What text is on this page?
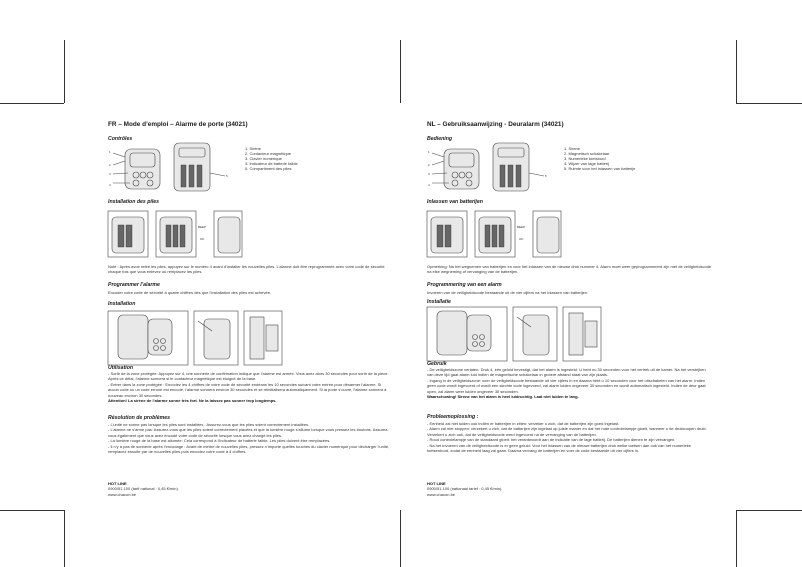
FR – Mode d’emploi – Alarme de porte (34021)
Contrôles
1
2
3
4
5
1. Sirène
2. Contacteur magnétique
3. Clavier numérique
4. Indicateur de batterie faible
5. Compartiment des piles
Installation des piles
BEEP
OK
Note : Après avoir retiré les piles, appuyez sur le numéro 4 avant d’installer les nouvelles piles. L’alarme doit être reprogrammée avec votre code de sécurité chaque fois que vous enlevez ou remplacez les piles.
Programmer l’alarme
Encoder votre code de sécurité à quatre chiffres dès que l’installation des piles est achevée.
Installation
Utilisation
- Sortir de la zone protégée: Appuyez sur 4, une sonnerie de confirmation indique que l’alarme est armée. Vous avez alors 30 secondes pour sortir de la pièce. Après ce délai, l’alarme sonnera si le contacteur magnétique est éloigné de la base.
- Entrer dans la zone protégée : Encodez les 4 chiffres de votre code de sécurité endéans les 10 secondes suivant votre entrée pour désarmer l’alarme. Si aucun code ou un code erroné est encodé, l’alarme sonnera environ 30 secondes et se réinitialisera automatiquement. Si la porte s’ouvre, l’alarme sonnera à nouveau environ 30 secondes.
Attention! La sirène de l’alarme sonne très fort. Ne la laissez pas sonner trop longtemps.
Résolution de problèmes
- L’unité ne sonne pas lorsque les piles sont installées : Assurez-vous que les piles soient correctement installées.
- L’alarme ne s’arme pas: Assurez-vous que les piles soient correctement placées et que la lumière rouge s’allume lorsque vous pressez les boutons. Assurez-vous également que vous avez encodé votre code de sécurité lorsque vous avez changé les piles.
- La lumière rouge de la base est allumée: Cela correspond à l’indicateur de batterie faible. Les piles doivent être remplacées.
- Il n’y a pas de sonnerie après l’encodage : Avant de mettre de nouvelles piles, pressez n’importe quelles touches du clavier numérique pour décharger l’unité, remplacez ensuite par de nouvelles piles puis encodez votre code à 4 chiffres.
HOT LINE
0900/51.100 (tarif national : 0,45 €/min).
www.chacon.be
NL – Gebruiksaanwijzing - Deuralarm (34021)
Bediening
1
2
3
4
5
1. Sirene
2. Magnetisch schakelaar
3. Numerieke toetsbord
4. Wijzer van lage batterij
5. Ruimte voor het inlassen van batterije
Inlassen van batterijen
BEEP
OK
Opmerking: Na het wegnemen van batterijen en voor het inlassen van de nieuwe druk nummer 4. Alarm moet weer geprogrammeerd zijn met de veiligheidscode na elke wegneming of vervanging van de batterijen.
Programmering van een alarm
Invoeren van de veiligheidscode bestaande uit de vier cijfers na het inlassen van batterijen.
Installatie
Gebruik
- De veiligheidszone verlaten: Druk 4, één geluid bevestigt, dat het alarm is ingesteld. U hebt nu 30 seconden voor het vertrek uit de kamer. Na het verstrijken van deze tijd gaat alarm luid indien de magnetische schakelaar in grotere afstand staat van zijn plaats.
- Ingang in de veiligheidszone: voer de veiligheidscode bestaande uit vier cijfers in en daarna hebt u 10 seconden voor het uitschakelen van het alarm. Indien geen code wordt ingevoerd of wordt een slechte code ingevoerd, zal alarm luiden ongeveer 30 seconden en wordt automatisch ingesteld. Indien de deur gaat open, zal alarm weer luiden ongeveer 30 seconden.
Waarschuwing! Sirene van het alarm is heel luidruchtig. Laat niet luiden te lang.
Probleemoplossing :
- Eenheid zal niet luiden ook indien er batterijen in zitten: verzeker u zich, dat de batterijen zijn goed ingelast.
- Alarm zal niet stoppen: verzekert u zich, dat de batterijen zijn ingelast op juiste manier en dat het rode controlelampje gloeit, wanneer u de drukknopen drukt. Verzekert u zich ook, dat de veiligheidscode werd ingevoerd na de vervanging van de batterijen.
- Rood controlelampje van de standaard gloeit: het verantwoordt aan de indicatie van de lage batterij. De batterijen dienen te zijn vervangen.
- Na het invoeren van de veiligheidscode is er geen geluid: Voor het inlassen van de nieuwe batterijen druk welke toetsen dan ook van het numerieke toetsenbord, zodat de eenheid laag zal gaan. Daarna vervang de batterijen en voer de code bestaande uit vier cijfers in.
HOT LINE
0900/51.100 (nationaal tarief : 0,45 €/min).
www.chacon.be
